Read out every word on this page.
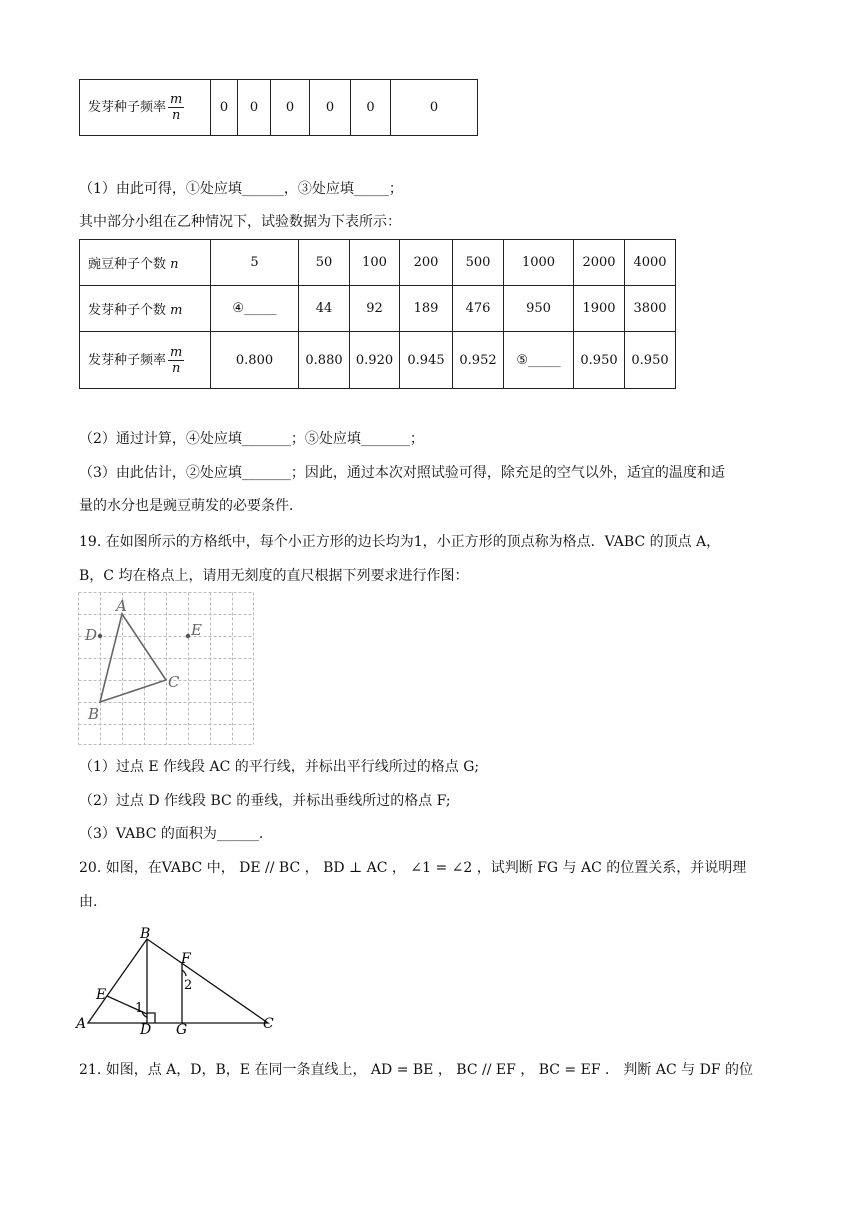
发芽种子频率 $\frac{m}{n}$	0	0	0	0	0	0
（1）由此可得，①处应填______，③处应填_____；
其中部分小组在乙种情况下，试验数据为下表所示：
豌豆种子个数 n	5	50	100	200	500	1000	2000	4000
发芽种子个数 m	④_____	44	92	189	476	950	1900	3800
发芽种子频率 $\frac{m}{n}$	0.800	0.880	0.920	0.945	0.952	⑤_____	0.950	0.950
（2）通过计算，④处应填_______；⑤处应填_______；
（3）由此估计，②处应填_______；因此，通过本次对照试验可得，除充足的空气以外，适宜的温度和适
量的水分也是豌豆萌发的必要条件．
19. 在如图所示的方格纸中，每个小正方形的边长均为1，小正方形的顶点称为格点．VABC 的顶点 A，
B，C 均在格点上，请用无刻度的直尺根据下列要求进行作图：
A
B
C
D	E
（1）过点 E 作线段 AC 的平行线，并标出平行线所过的格点 G;
（2）过点 D 作线段 BC 的垂线，并标出垂线所过的格点 F;
（3）VABC 的面积为______.
20. 如图，在VABC 中， DE // BC ， BD ⊥ AC ， ∠1 = ∠2 ，试判断 FG 与 AC 的位置关系，并说明理
由.
B
A	C
D
E
F
G
1
2
21. 如图，点 A，D，B，E 在同一条直线上， AD = BE ， BC // EF ， BC = EF ． 判断 AC 与 DF 的位
